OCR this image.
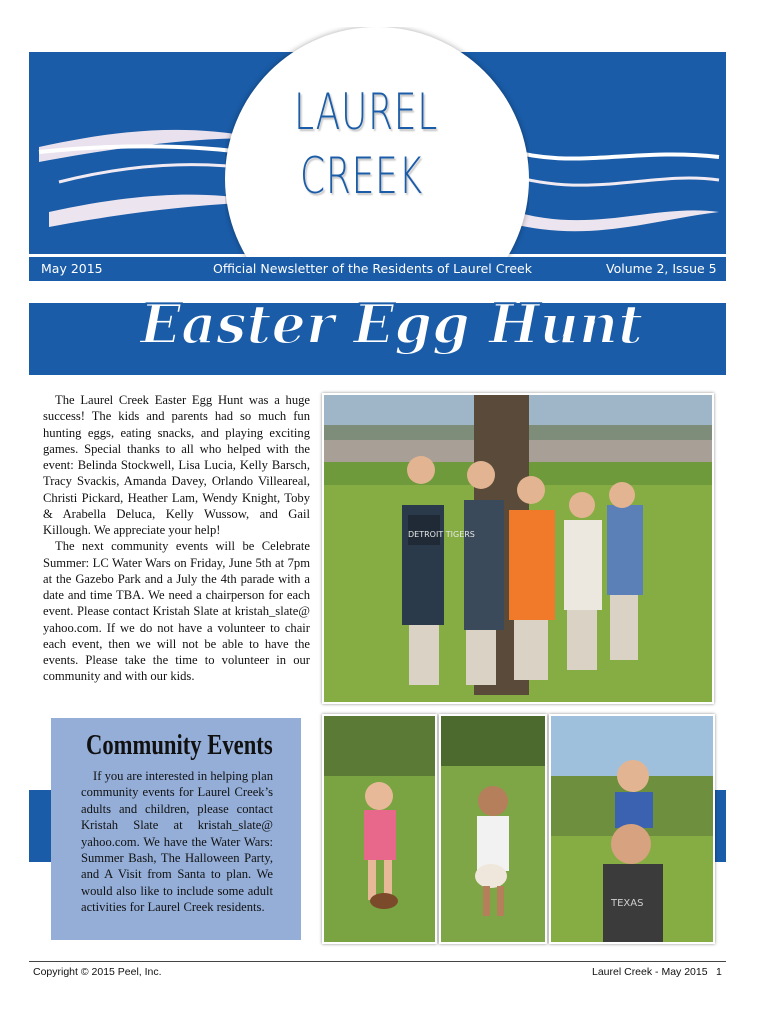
LAUREL
CREEK
May 2015	Official Newsletter of the Residents of Laurel Creek	Volume 2, Issue 5
Easter Egg Hunt

The Laurel Creek Easter Egg Hunt was a huge success! The kids and parents had so much fun hunting eggs, eating snacks, and playing exciting games. Special thanks to all who helped with the event: Belinda Stockwell, Lisa Lucia, Kelly Barsch, Tracy Svackis, Amanda Davey, Orlando Villeareal, Christi Pickard, Heather Lam, Wendy Knight, Toby & Arabella Deluca, Kelly Wussow, and Gail Killough. We appreciate your help!

The next community events will be Celebrate Summer: LC Water Wars on Friday, June 5th at 7pm at the Gazebo Park and a July the 4th parade with a date and time TBA. We need a chairperson for each event. Please contact Kristah Slate at kristah_slate@ yahoo.com. If we do not have a volunteer to chair each event, then we will not be able to have the events. Please take the time to volunteer in our community and with our kids.

DETROIT TIGERS
Community Events

If you are interested in helping plan community events for Laurel Creek’s adults and children, please contact Kristah Slate at kristah_slate@ yahoo.com. We have the Water Wars: Summer Bash, The Halloween Party, and A Visit from Santa to plan. We would also like to include some adult activities for Laurel Creek residents.	TEXAS
Copyright © 2015 Peel, Inc.	Laurel Creek - May 2015 1
